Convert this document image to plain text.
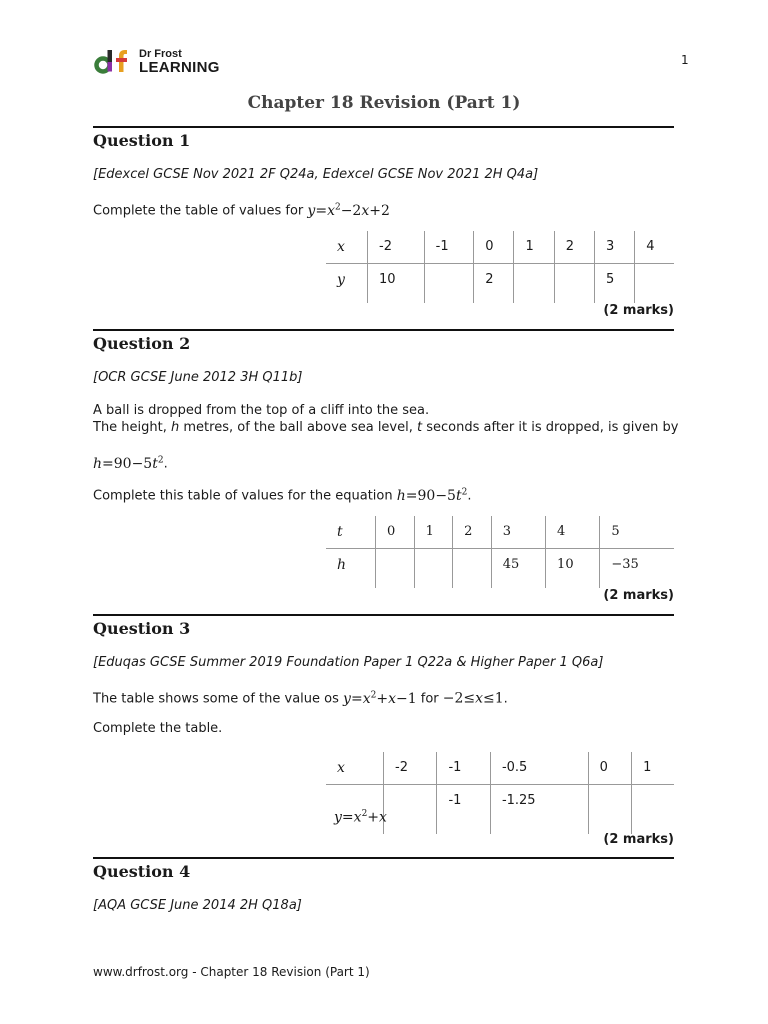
Dr Frost
LEARNING	1
Chapter 18 Revision (Part 1)
Question 1
[Edexcel GCSE Nov 2021 2F Q24a, Edexcel GCSE Nov 2021 2H Q4a]
Complete the table of values for $y=x^2-2x+2$
x	-2	-1	0	1	2	3	4
y	10		2			5	
(2 marks)
Question 2
[OCR GCSE June 2012 3H Q11b]
A ball is dropped from the top of a cliff into the sea.
The height, h metres, of the ball above sea level, t seconds after it is dropped, is given by
$h=90-5t^2$.
Complete this table of values for the equation $h=90-5t^2$.
t	0	1	2	3	4	5
h				45	10	−35
(2 marks)
Question 3
[Eduqas GCSE Summer 2019 Foundation Paper 1 Q22a & Higher Paper 1 Q6a]
The table shows some of the value os $y=x^2+x-1$ for −2≤x≤1.
Complete the table.
x	-2	-1	-0.5	0	1
$y=x^2+x$		-1	-1.25		
(2 marks)
Question 4
[AQA GCSE June 2014 2H Q18a]
www.drfrost.org - Chapter 18 Revision (Part 1)
